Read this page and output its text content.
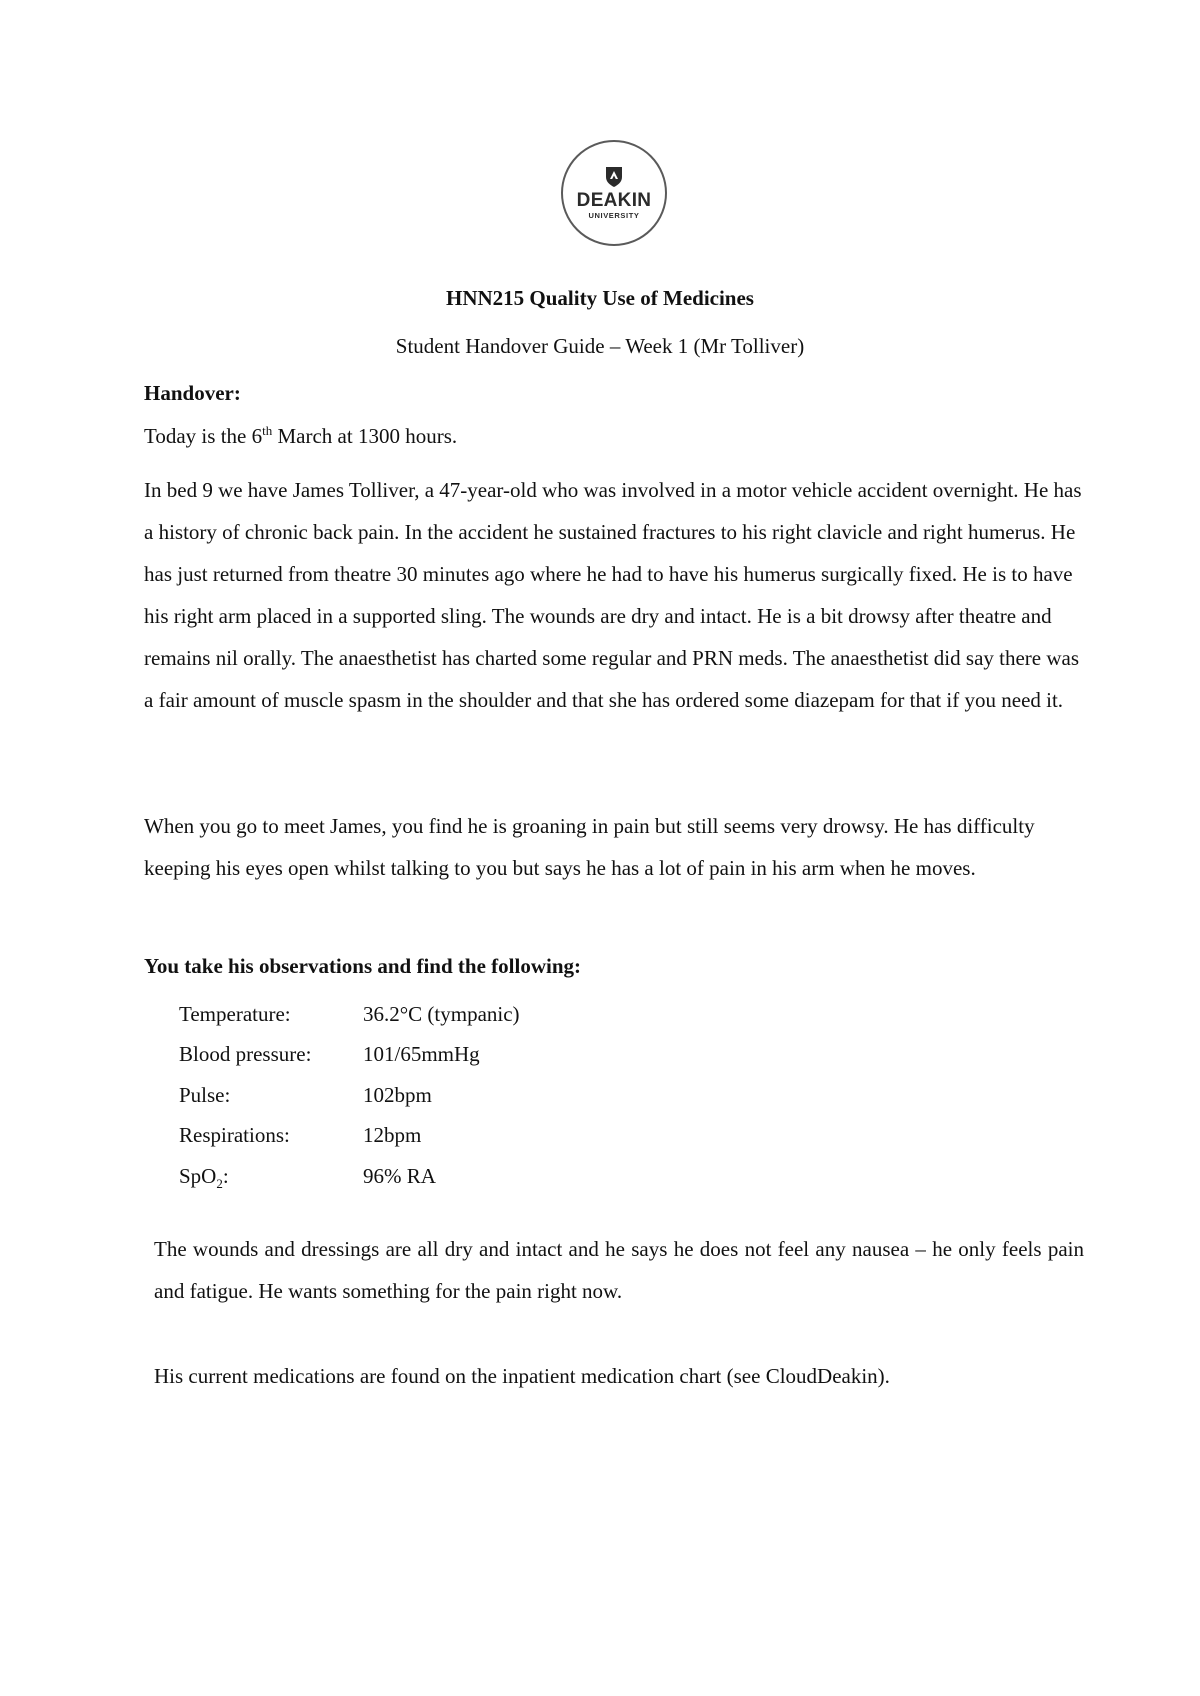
DEAKIN
UNIVERSITY
HNN215 Quality Use of Medicines
Student Handover Guide – Week 1 (Mr Tolliver)
Handover:
Today is the 6th March at 1300 hours.

In bed 9 we have James Tolliver, a 47-year-old who was involved in a motor vehicle accident overnight. He has a history of chronic back pain. In the accident he sustained fractures to his right clavicle and right humerus. He has just returned from theatre 30 minutes ago where he had to have his humerus surgically fixed. He is to have his right arm placed in a supported sling. The wounds are dry and intact. He is a bit drowsy after theatre and remains nil orally. The anaesthetist has charted some regular and PRN meds. The anaesthetist did say there was a fair amount of muscle spasm in the shoulder and that she has ordered some diazepam for that if you need it.

When you go to meet James, you find he is groaning in pain but still seems very drowsy. He has difficulty keeping his eyes open whilst talking to you but says he has a lot of pain in his arm when he moves.

You take his observations and find the following:
Temperature:	36.2°C (tympanic)
Blood pressure:	101/65mmHg
Pulse:	102bpm
Respirations:	12bpm
SpO$_2$:	96% RA

The wounds and dressings are all dry and intact and he says he does not feel any nausea – he only feels pain and fatigue. He wants something for the pain right now.

His current medications are found on the inpatient medication chart (see CloudDeakin).
